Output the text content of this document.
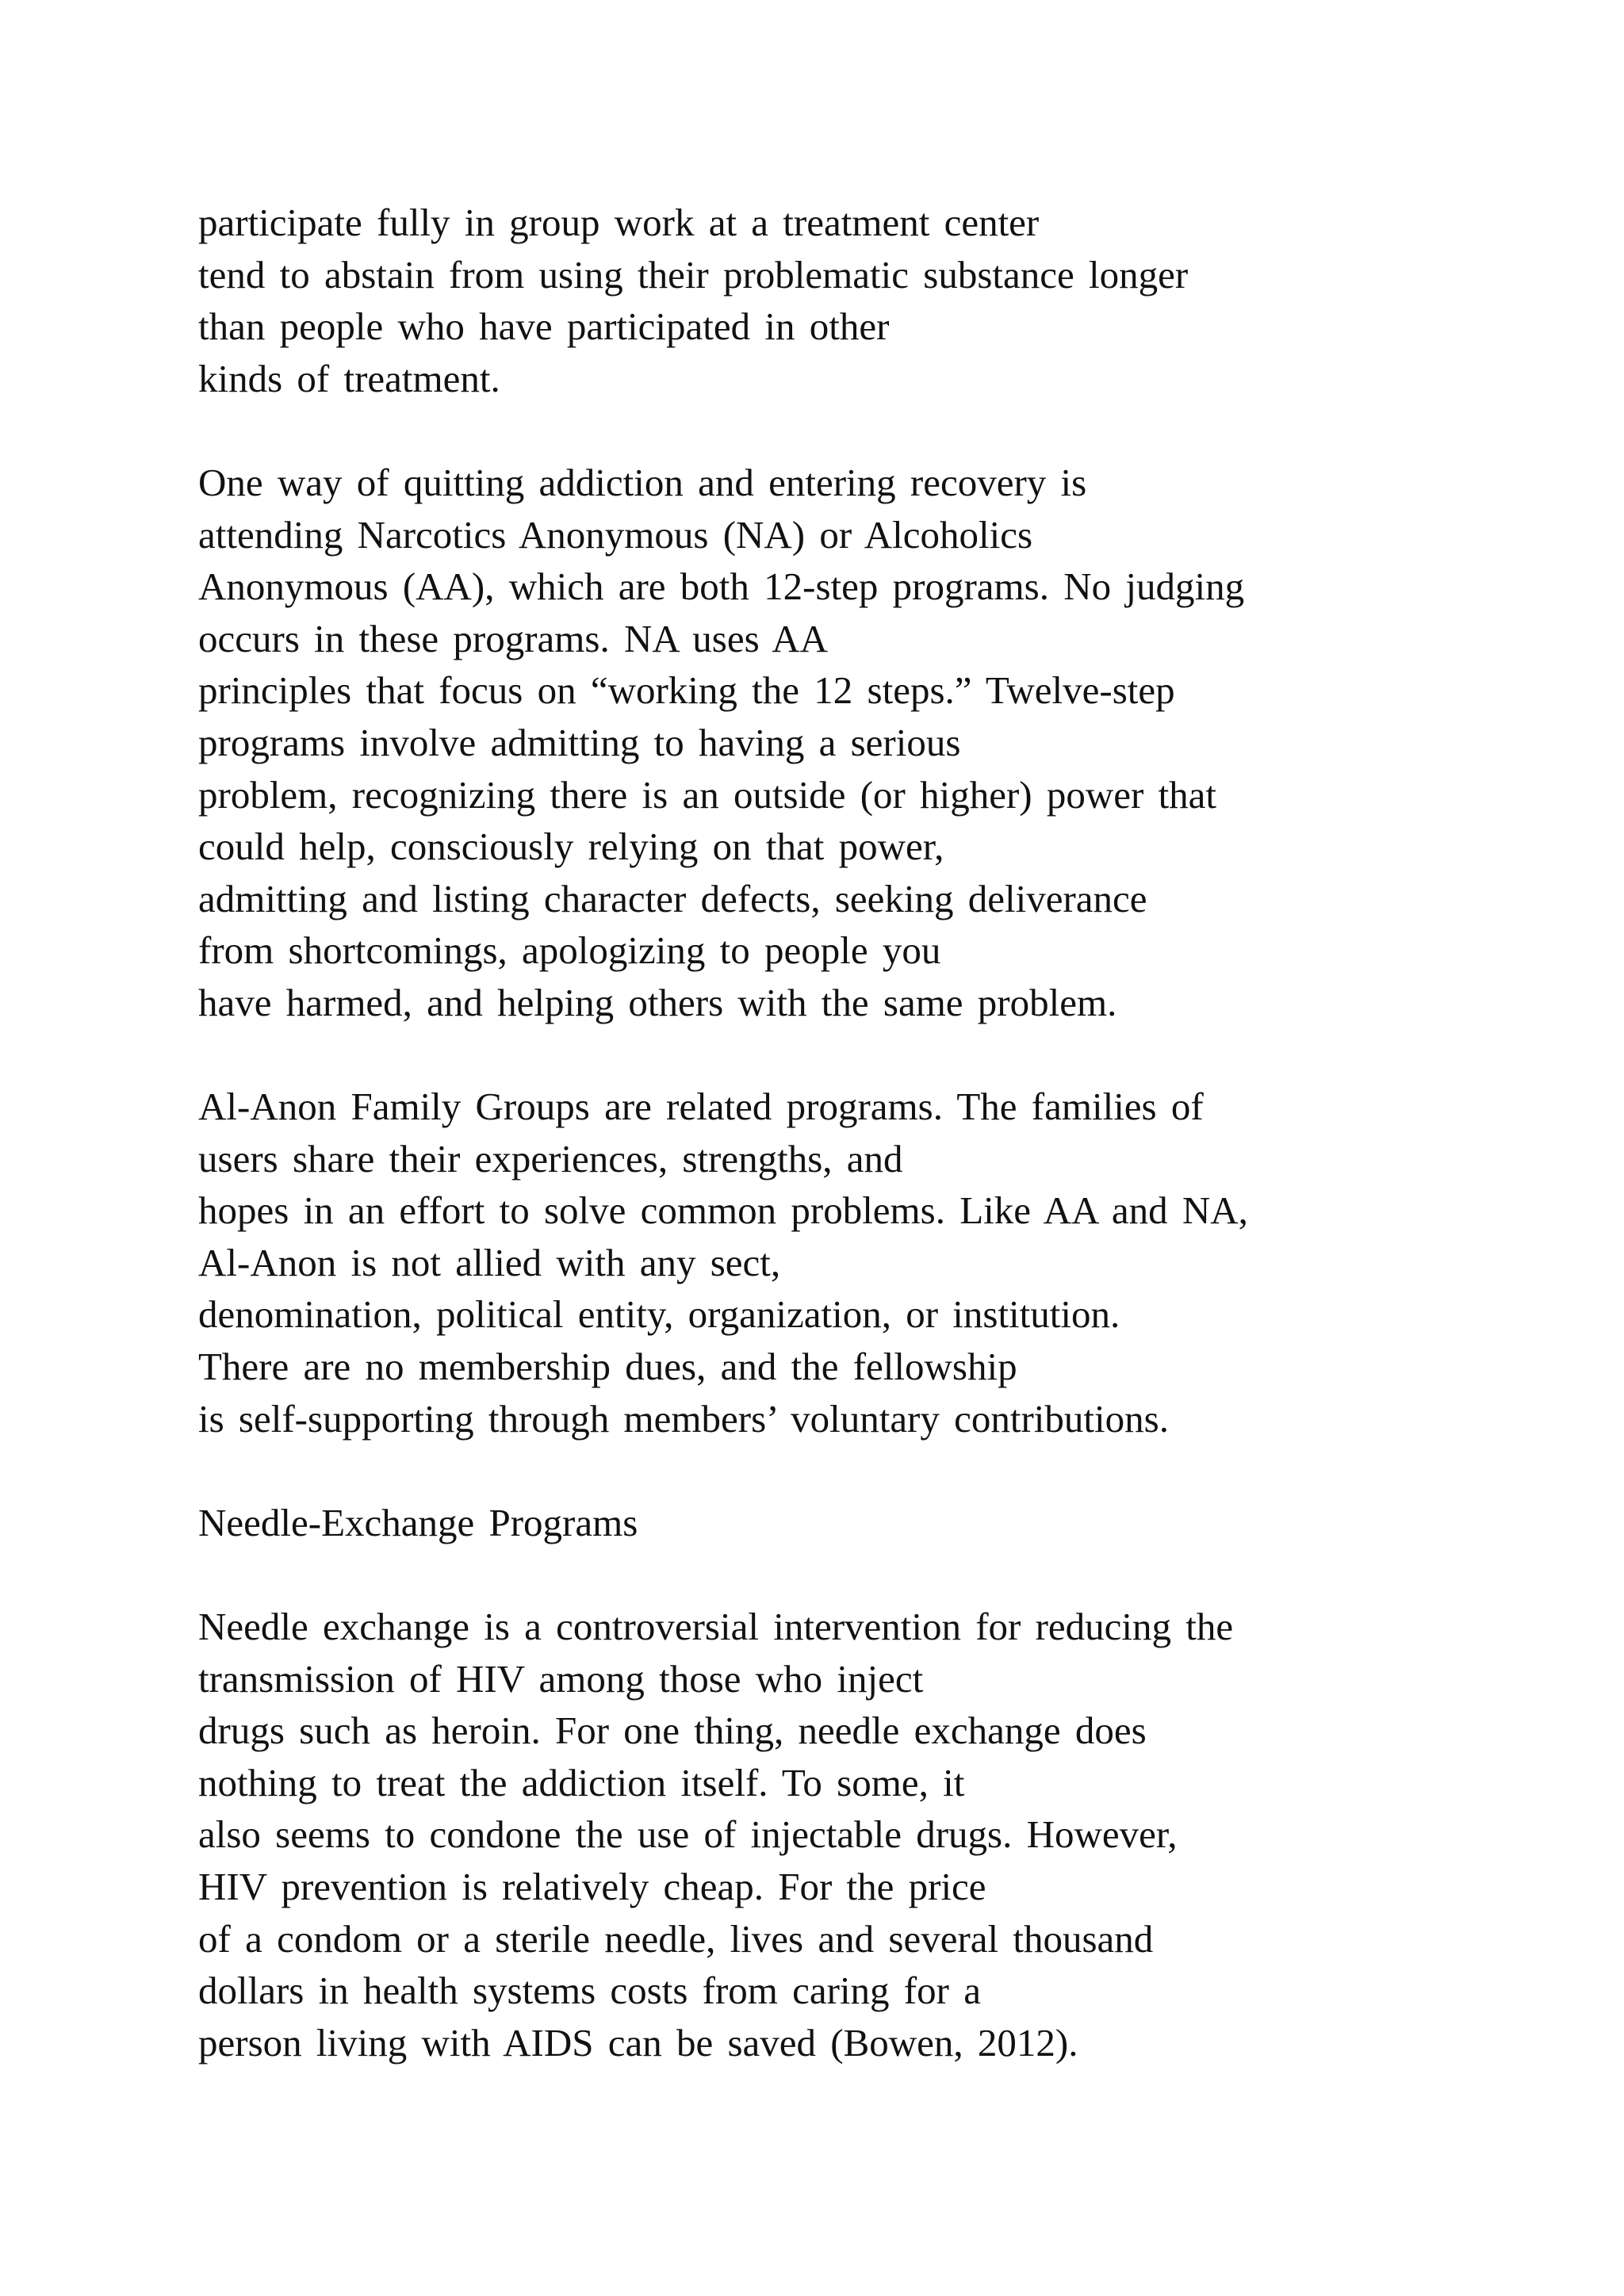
participate fully in group work at a treatment center
tend to abstain from using their problematic substance longer
than people who have participated in other
kinds of treatment.
One way of quitting addiction and entering recovery is
attending Narcotics Anonymous (NA) or Alcoholics
Anonymous (AA), which are both 12-step programs. No judging
occurs in these programs. NA uses AA
principles that focus on “working the 12 steps.” Twelve-step
programs involve admitting to having a serious
problem, recognizing there is an outside (or higher) power that
could help, consciously relying on that power,
admitting and listing character defects, seeking deliverance
from shortcomings, apologizing to people you
have harmed, and helping others with the same problem.
Al-Anon Family Groups are related programs. The families of
users share their experiences, strengths, and
hopes in an effort to solve common problems. Like AA and NA,
Al-Anon is not allied with any sect,
denomination, political entity, organization, or institution.
There are no membership dues, and the fellowship
is self-supporting through members’ voluntary contributions.
Needle-Exchange Programs
Needle exchange is a controversial intervention for reducing the
transmission of HIV among those who inject
drugs such as heroin. For one thing, needle exchange does
nothing to treat the addiction itself. To some, it
also seems to condone the use of injectable drugs. However,
HIV prevention is relatively cheap. For the price
of a condom or a sterile needle, lives and several thousand
dollars in health systems costs from caring for a
person living with AIDS can be saved (Bowen, 2012).
